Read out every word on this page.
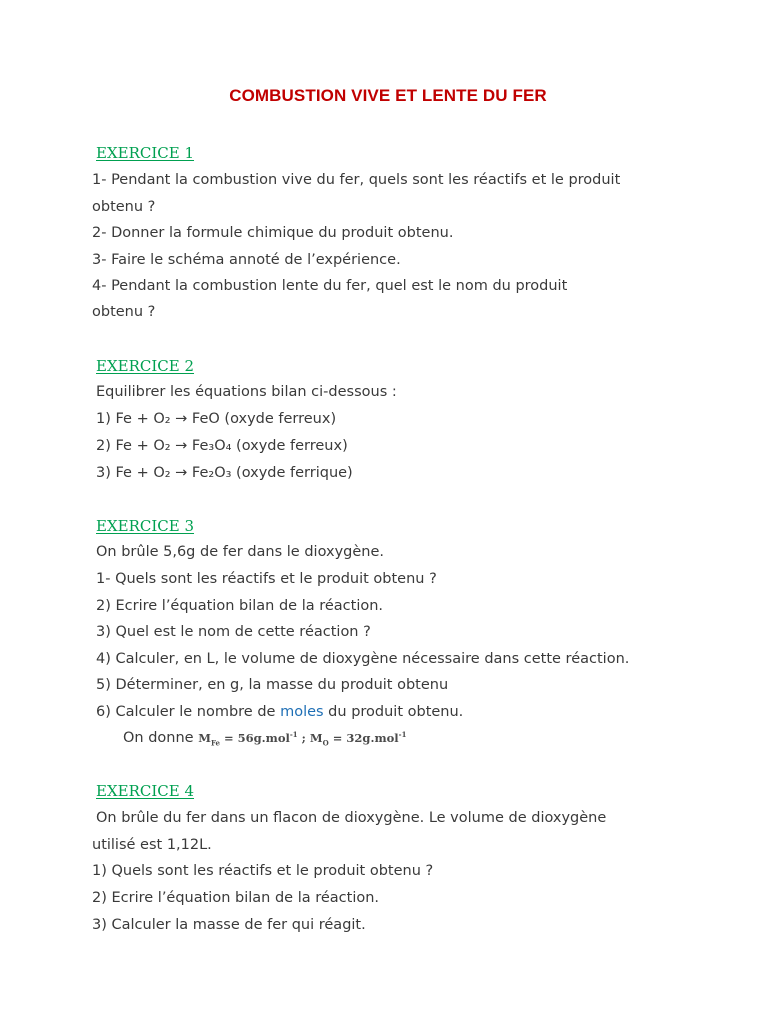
COMBUSTION VIVE ET LENTE DU FER
EXERCICE 1
1- Pendant la combustion vive du fer, quels sont les réactifs et le produit
obtenu ?
2- Donner la formule chimique du produit obtenu.
3- Faire le schéma annoté de l’expérience.
4- Pendant la combustion lente du fer, quel est le nom du produit
obtenu ?
EXERCICE 2
Equilibrer les équations bilan ci-dessous :
1) Fe + O₂ → FeO (oxyde ferreux)
2) Fe + O₂ → Fe₃O₄ (oxyde ferreux)
3) Fe + O₂ → Fe₂O₃ (oxyde ferrique)
EXERCICE 3
On brûle 5,6g de fer dans le dioxygène.
1- Quels sont les réactifs et le produit obtenu ?
2) Ecrire l’équation bilan de la réaction.
3) Quel est le nom de cette réaction ?
4) Calculer, en L, le volume de dioxygène nécessaire dans cette réaction.
5) Déterminer, en g, la masse du produit obtenu
6) Calculer le nombre de moles du produit obtenu.
On donne $M_{Fe} = 56g.mol^{-1}$ ; $M_O = 32g.mol^{-1}$
EXERCICE 4
On brûle du fer dans un flacon de dioxygène. Le volume de dioxygène
utilisé est 1,12L.
1) Quels sont les réactifs et le produit obtenu ?
2) Ecrire l’équation bilan de la réaction.
3) Calculer la masse de fer qui réagit.
